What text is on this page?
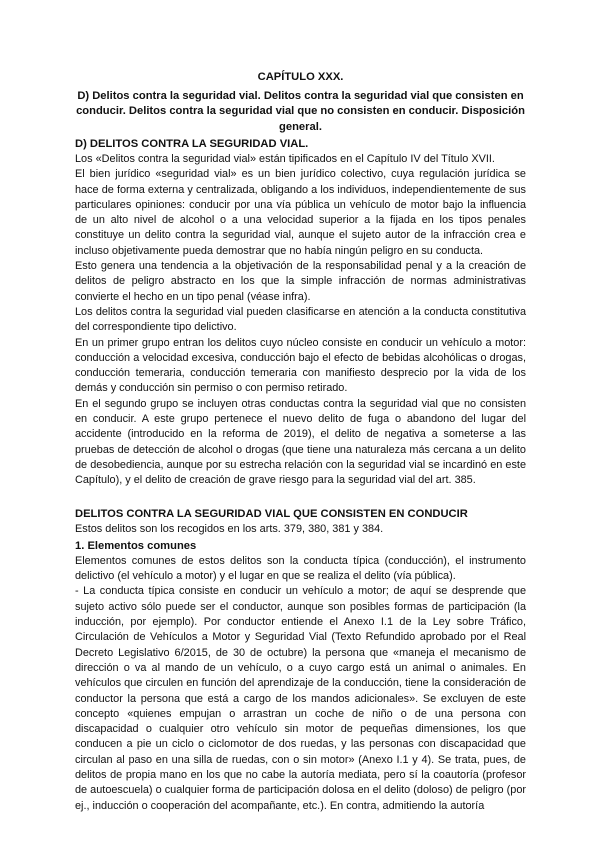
CAPÍTULO XXX.
D) Delitos contra la seguridad vial. Delitos contra la seguridad vial que consisten en conducir. Delitos contra la seguridad vial que no consisten en conducir. Disposición general.
D) DELITOS CONTRA LA SEGURIDAD VIAL.

Los «Delitos contra la seguridad vial» están tipificados en el Capítulo IV del Título XVII.

El bien jurídico «seguridad vial» es un bien jurídico colectivo, cuya regulación jurídica se hace de forma externa y centralizada, obligando a los individuos, independientemente de sus particulares opiniones: conducir por una vía pública un vehículo de motor bajo la influencia de un alto nivel de alcohol o a una velocidad superior a la fijada en los tipos penales constituye un delito contra la seguridad vial, aunque el sujeto autor de la infracción crea e incluso objetivamente pueda demostrar que no había ningún peligro en su conducta.

Esto genera una tendencia a la objetivación de la responsabilidad penal y a la creación de delitos de peligro abstracto en los que la simple infracción de normas administrativas convierte el hecho en un tipo penal (véase infra).

Los delitos contra la seguridad vial pueden clasificarse en atención a la conducta constitutiva del correspondiente tipo delictivo.

En un primer grupo entran los delitos cuyo núcleo consiste en conducir un vehículo a motor: conducción a velocidad excesiva, conducción bajo el efecto de bebidas alcohólicas o drogas, conducción temeraria, conducción temeraria con manifiesto desprecio por la vida de los demás y conducción sin permiso o con permiso retirado.

En el segundo grupo se incluyen otras conductas contra la seguridad vial que no consisten en conducir. A este grupo pertenece el nuevo delito de fuga o abandono del lugar del accidente (introducido en la reforma de 2019), el delito de negativa a someterse a las pruebas de detección de alcohol o drogas (que tiene una naturaleza más cercana a un delito de desobediencia, aunque por su estrecha relación con la seguridad vial se incardinó en este Capítulo), y el delito de creación de grave riesgo para la seguridad vial del art. 385.

DELITOS CONTRA LA SEGURIDAD VIAL QUE CONSISTEN EN CONDUCIR

Estos delitos son los recogidos en los arts. 379, 380, 381 y 384.

1. Elementos comunes

Elementos comunes de estos delitos son la conducta típica (conducción), el instrumento delictivo (el vehículo a motor) y el lugar en que se realiza el delito (vía pública).

- La conducta típica consiste en conducir un vehículo a motor; de aquí se desprende que sujeto activo sólo puede ser el conductor, aunque son posibles formas de participación (la inducción, por ejemplo). Por conductor entiende el Anexo I.1 de la Ley sobre Tráfico, Circulación de Vehículos a Motor y Seguridad Vial (Texto Refundido aprobado por el Real Decreto Legislativo 6/2015, de 30 de octubre) la persona que «maneja el mecanismo de dirección o va al mando de un vehículo, o a cuyo cargo está un animal o animales. En vehículos que circulen en función del aprendizaje de la conducción, tiene la consideración de conductor la persona que está a cargo de los mandos adicionales». Se excluyen de este concepto «quienes empujan o arrastran un coche de niño o de una persona con discapacidad o cualquier otro vehículo sin motor de pequeñas dimensiones, los que conducen a pie un ciclo o ciclomotor de dos ruedas, y las personas con discapacidad que circulan al paso en una silla de ruedas, con o sin motor» (Anexo I.1 y 4). Se trata, pues, de delitos de propia mano en los que no cabe la autoría mediata, pero sí la coautoría (profesor de autoescuela) o cualquier forma de participación dolosa en el delito (doloso) de peligro (por ej., inducción o cooperación del acompañante, etc.). En contra, admitiendo la autoría
